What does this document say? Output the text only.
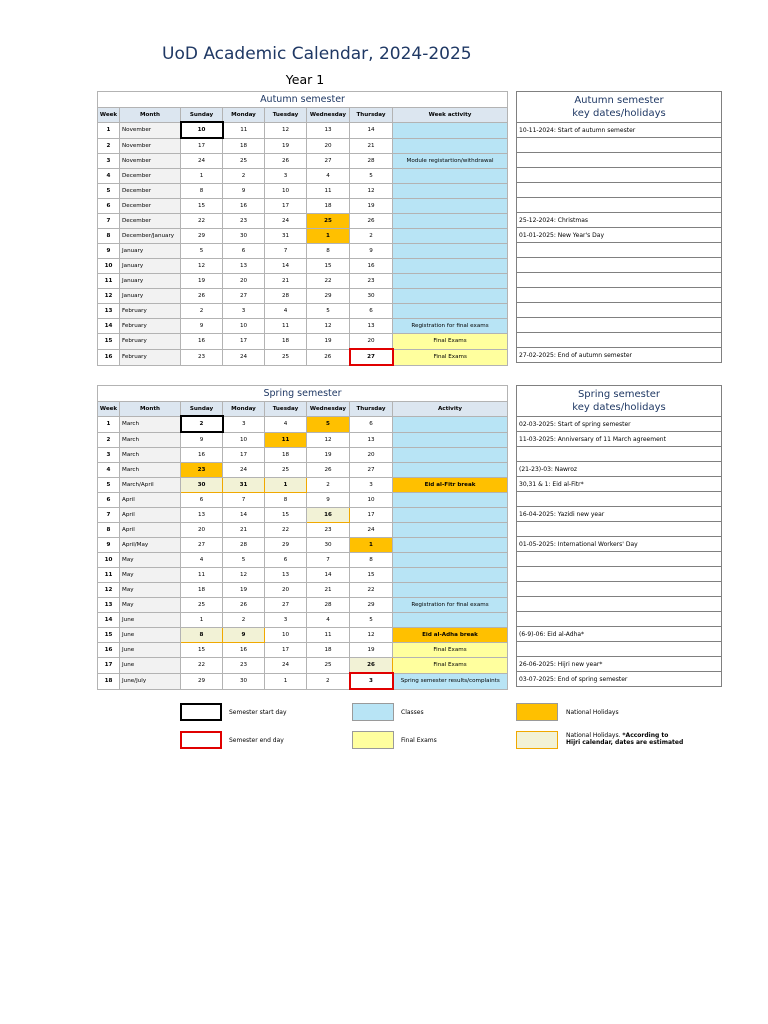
UoD Academic Calendar, 2024-2025
Year 1
Autumn semester							
Week	Month	Sunday	Monday	Tuesday	Wednesday	Thursday	Week activity
1	November	10	11	12	13	14	
2	November	17	18	19	20	21	
3	November	24	25	26	27	28	Module registartion/withdrawal
4	December	1	2	3	4	5	
5	December	8	9	10	11	12	
6	December	15	16	17	18	19	
7	December	22	23	24	25	26	
8	December/January	29	30	31	1	2	
9	January	5	6	7	8	9	
10	January	12	13	14	15	16	
11	January	19	20	21	22	23	
12	January	26	27	28	29	30	
13	February	2	3	4	5	6	
14	February	9	10	11	12	13	Registration for final exams
15	February	16	17	18	19	20	Final Exams
16	February	23	24	25	26	27	Final Exams
Autumn semester
key dates/holidays
10-11-2024: Start of autumn semester

25-12-2024: Christmas
01-01-2025: New Year's Day

27-02-2025: End of autumn semester
Spring semester							
Week	Month	Sunday	Monday	Tuesday	Wednesday	Thursday	Activity
1	March	2	3	4	5	6	
2	March	9	10	11	12	13	
3	March	16	17	18	19	20	
4	March	23	24	25	26	27	
5	March/April	30	31	1	2	3	Eid al-Fitr break
6	April	6	7	8	9	10	
7	April	13	14	15	16	17	
8	April	20	21	22	23	24	
9	April/May	27	28	29	30	1	
10	May	4	5	6	7	8	
11	May	11	12	13	14	15	
12	May	18	19	20	21	22	
13	May	25	26	27	28	29	Registration for final exams
14	June	1	2	3	4	5	
15	June	8	9	10	11	12	Eid al-Adha break
16	June	15	16	17	18	19	Final Exams
17	June	22	23	24	25	26	Final Exams
18	June/July	29	30	1	2	3	Spring semester results/complaints
Spring semester
key dates/holidays
02-03-2025: Start of spring semester
11-03-2025: Anniversary of 11 March agreement

(21-23)-03: Nawroz
30,31 & 1: Eid al-Fitr*

16-04-2025: Yazidi new year

01-05-2025: International Workers' Day

(6-9)-06: Eid al-Adha*

26-06-2025: Hijri new year*
03-07-2025: End of spring semester
Semester start day
Semester end day
Classes
Final Exams
National Holidays
National Holidays. *According to
Hijri calendar, dates are estimated
